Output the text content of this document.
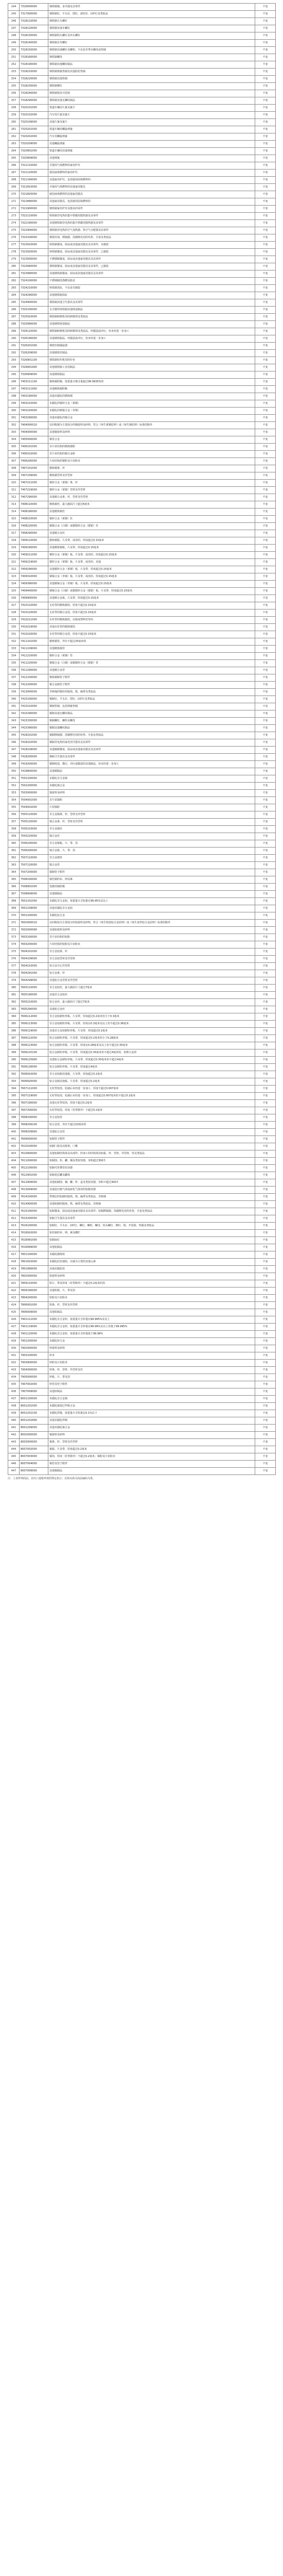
244	7316000000	钢铁制锚、多爪锚及其零件	不变
245	7317000000	钢铁制钉、平头钉、图钉、波纹钉、U形钉及类似品	不变
246	7318110000	钢铁制方头螺钉	不变
247	7318120000	钢铁制其他木螺钉	不变
248	7318130000	钢铁制钩头螺钉及环头螺钉	不变
249	7318140000	钢铁制自攻螺钉	不变
250	7318150000	钢铁制其他螺钉及螺栓，不论是否带有螺母或垫圈	不变
251	7318160000	钢铁制螺母	不变
252	7318190000	钢铁制其他螺纹制品	不变
253	7318210000	钢铁制弹簧垫圈及其他防松垫圈	不变
254	7318220000	钢铁制其他垫圈	不变
255	7318230000	钢铁制铆钉	不变
256	7318240000	钢铁制销及开尾销	不变
257	7318290000	钢铁制其他无螺纹制品	不变
258	7320101000	铁道车辆用片簧及簧片	不变
259	7320102000	汽车用片簧及簧片	不变
260	7320109000	其他片簧及簧片	不变
261	7320201000	铁道车辆用螺旋弹簧	不变
262	7320202000	汽车用螺旋弹簧	不变
263	7320209000	其他螺旋弹簧	不变
264	7320901000	铁道车辆用其他弹簧	不变
265	7320909000	其他弹簧	不变
266	7321110000	可使用气体燃料的家用炉灶	不变
267	7321120000	使用液体燃料的家用炉灶	不变
268	7321190000	其他家用炉灶，包括使用固体燃料的	不变
269	7321810000	可使用气体燃料的其他家用器具	不变
270	7321820000	使用液体燃料的其他家用器具	不变
271	7321890000	其他家用器具，包括使用固体燃料的	不变
272	7321900000	钢铁制家用炉灶及器具的零件	不变
273	7322110000	铸铁制非电热的集中供暖用散热器及其零件	不变
274	7322190000	其他钢铁制非电热的集中供暖用散热器及其零件	不变
275	7322900000	钢铁制非电热的空气加热器、热空气分配器及其零件	不变
276	7323100000	钢铁丝绒、擦锅器、洗刷擦光用的块垫、手套及类似品	不变
277	7323910000	铸铁制餐桌、厨房或其他家用器具及其零件，未搪瓷	不变
278	7323920000	铸铁制餐桌、厨房或其他家用器具及其零件，已搪瓷	不变
279	7323930000	不锈钢制餐桌、厨房或其他家用器具及其零件	不变
280	7323940000	钢铁制餐桌、厨房或其他家用器具及其零件，已搪瓷	不变
281	7323990000	其他钢铁制餐桌、厨房或其他家用器具及其零件	不变
282	7324100000	不锈钢制洗涤槽及脸盆	不变
283	7324210000	铸铁制浴缸，不论是否搪瓷	不变
284	7324290000	其他钢铁制浴缸	不变
285	7324900000	钢铁制其他卫生器具及其零件	不变
286	7325100000	无可锻性铸铁制其他铸造制品	不变
287	7325910000	钢铁制研磨机用的研磨球及类似品	不变
288	7325990000	其他钢铁铸造制品	不变
289	7326110000	钢铁制研磨机用的研磨球及类似品，经锻造或冲压，但未经进一步加工	不变
290	7326190000	其他钢铁制品，经锻造或冲压，但未经进一步加工	不变
291	7326201000	钢铁丝制捕鼠器	不变
292	7326209000	其他钢铁丝制品	不变
293	7326901100	钢铁制纺织机用的针布	不变
294	7326901900	其他钢铁制工业用制品	不变
295	7326909000	其他钢铁制品	不变
296	7403111100	精炼铜阴极，按重量计铜含量超过99.9935%的	不变
297	7403111900	其他精炼铜阴极	不变
298	7403190000	其他未锻轧的精炼铜	不变
299	7403210000	未锻轧的铜锌合金（黄铜）	不变
300	7403220000	未锻轧的铜锡合金（青铜）	不变
301	7403290000	其他未锻轧的铜合金	不变
302	7404000010	以回收铜为主要成分的铜废料及碎料，符合《再生黄铜原料》或《再生铜原料》标准的除外	不变
303	7404000090	其他铜废料及碎料	不变
304	7405000000	铜母合金	不变
305	7406101000	非片状结构的精炼铜粉	不变
306	7406102000	非片状结构的铜合金粉	不变
307	7406200000	片状结构的铜粉及片状粉末	不变
308	7407101000	精炼铜条、杆	不变
309	7407109000	精炼铜型材及异型材	不变
310	7407211000	铜锌合金（黄铜）条、杆	不变
311	7407219000	铜锌合金（黄铜）型材及异型材	不变
312	7407290000	其他铜合金条、杆、型材及异型材	不变
313	7408110000	精炼铜丝，最大截面尺寸超过6毫米	不变
314	7408190000	其他精炼铜丝	不变
315	7408210000	铜锌合金（黄铜）丝	不变
316	7408220000	铜镍合金（白铜）或铜镍锌合金（德银）丝	不变
317	7408290000	其他铜合金丝	不变
318	7409110000	精炼铜板、片及带，成卷的，厚度超过0.15毫米	不变
319	7409190000	其他精炼铜板、片及带，厚度超过0.15毫米	不变
320	7409211000	铜锌合金（黄铜）板、片及带，成卷的，厚度超过0.15毫米	不变
321	7409219000	铜锌合金（黄铜）板、片及带，成卷的，其他	不变
322	7409290000	其他铜锌合金（黄铜）板、片及带，厚度超过0.15毫米	不变
323	7409310000	铜锡合金（青铜）板、片及带，成卷的，厚度超过0.15毫米	不变
324	7409390000	其他铜锡合金（青铜）板、片及带，厚度超过0.15毫米	不变
325	7409400000	铜镍合金（白铜）或铜镍锌合金（德银）板、片及带，厚度超过0.15毫米	不变
326	7409900000	其他铜合金板、片及带，厚度超过0.15毫米	不变
327	7410110000	无衬背的精炼铜箔，厚度不超过0.15毫米	不变
328	7410120000	无衬背的铜合金箔，厚度不超过0.15毫米	不变
329	7410211000	有衬背的精炼铜箔，以纸或塑料衬背的	不变
330	7410219000	其他有衬背的精炼铜箔	不变
331	7410220000	有衬背的铜合金箔，厚度不超过0.15毫米	不变
332	7411101000	精炼铜管，外径不超过25毫米的	不变
333	7411109000	其他精炼铜管	不变
334	7411210000	铜锌合金（黄铜）管	不变
335	7411220000	铜镍合金（白铜）或铜镍锌合金（德银）管	不变
336	7411290000	其他铜合金管	不变
337	7412100000	精炼铜制管子附件	不变
338	7412200000	铜合金制管子附件	不变
339	7413000000	非绝缘的铜丝绞股线、缆、编带及类似品	不变
340	7415100000	铜制钉、平头钉、图钉、U形钉及类似品	不变
341	7415210000	铜制垫圈，包括弹簧垫圈	不变
342	7415290000	铜制其他无螺纹制品	不变
343	7415330000	铜制螺钉、螺栓及螺母	不变
344	7415390000	铜制其他螺纹制品	不变
345	7418101000	铜制擦锅器、洗刷擦光用的块垫、手套及类似品	不变
346	7418102000	铜制非电热的家用烹饪器具及其零件	不变
347	7418109000	其他铜制餐桌、厨房或其他家用器具及其零件	不变
348	7418200000	铜制卫生器具及其零件	不变
349	7419200000	铜制铸造、模压、冲压或锻造的其他制品，但未经进一步加工	不变
350	7419800000	其他铜制品	不变
351	7502100000	未锻轧非合金镍	不变
352	7502200000	未锻轧镍合金	不变
353	7503000000	镍废料及碎料	不变
354	7504001000	非片状镍粉	不变
355	7504002000	片状镍粉	不变
356	7505110000	非合金镍条、杆、型材及异型材	不变
357	7505120000	镍合金条、杆、型材及异型材	不变
358	7505210000	非合金镍丝	不变
359	7505220000	镍合金丝	不变
360	7506100000	非合金镍板、片、带、箔	不变
361	7506200000	镍合金板、片、带、箔	不变
362	7507110000	非合金镍管	不变
363	7507120000	镍合金管	不变
364	7507200000	镍制管子附件	不变
365	7508100000	镍丝制的布、网及篱	不变
366	7508901000	电镀用镍阳极	不变
367	7508909000	其他镍制品	不变
368	7601101000	未锻轧非合金铝，按重量计含铝量在99.95%及以上	不变
369	7601109000	其他未锻轧非合金铝	不变
370	7601200000	未锻轧铝合金	不变
371	7602000010	以回收铝为主要成分的铝废料及碎料，符合《再生铸造铝合金原料》或《再生变形铝合金原料》标准的除外	不变
372	7602000090	其他铝废料及碎料	不变
373	7603100000	非片状结构的铝粉	不变
374	7603200000	片状结构的铝粉及片状粉末	不变
375	7604101000	非合金铝条、杆	不变
376	7604109000	非合金铝型材及异型材	不变
377	7604210000	铝合金空心异型材	不变
378	7604291000	铝合金条、杆	不变
379	7604299000	其他铝合金型材及异型材	不变
380	7605110000	非合金铝丝，最大截面尺寸超过7毫米	不变
381	7605190000	其他非合金铝丝	不变
382	7605210000	铝合金丝，最大截面尺寸超过7毫米	不变
383	7605290000	其他铝合金丝	不变
384	7606112000	非合金铝制矩形板、片及带，厚度超过0.2毫米但小于0.3毫米	不变
385	7606113000	非合金铝制矩形板、片及带，厚度在0.3毫米及以上但不超过0.36毫米	不变
386	7606119000	其他非合金铝制矩形板、片及带，厚度超过0.2毫米	不变
387	7606122000	铝合金制矩形板、片及带，厚度超过0.2毫米但小于0.28毫米	不变
388	7606123000	铝合金制矩形板、片及带，厚度在0.28毫米及以上但不超过0.35毫米	不变
389	7606125100	铝合金制矩形板、片及带，厚度超过0.35毫米但不超过4毫米的，铝锂合金的	不变
390	7606125900	其他铝合金制矩形板、片及带，厚度超过0.35毫米但不超过4毫米	不变
391	7606126000	铝合金制矩形板、片及带，厚度超过4毫米	不变
392	7606910000	非合金铝制其他板、片及带，厚度超过0.2毫米	不变
393	7606920000	铝合金制其他板、片及带，厚度超过0.2毫米	不变
394	7607111000	无衬背铝箔，轧制后未经进一步加工，厚度不超过0.007毫米	不变
395	7607119000	无衬背铝箔，轧制后未经进一步加工，厚度超过0.007毫米但不超过0.2毫米	不变
396	7607190000	其他无衬背铝箔，厚度不超过0.2毫米	不变
397	7607200000	有衬背铝箔，厚度（衬背除外）不超过0.2毫米	不变
398	7608100000	非合金铝管	不变
399	7608209100	铝合金管，外径不超过10厘米的	不变
400	7608209900	其他铝合金管	不变
401	7609000000	铝制管子附件	不变
402	7610100000	铝制门窗及其框架、门槛	不变
403	7610900000	其他铝制结构体及其部件；经加工的结构体用铝板、杆、型材、异型材、管及类似品	不变
404	7611000000	铝制囤、柜、罐、桶及类似容器，容积超过300升	不变
405	7612100000	铝制可折叠管状容器	不变
406	7612901000	铝制易拉罐及罐体	不变
407	7612909000	其他铝制囤、桶、罐、听、盒及类似容器，容积不超过300升	不变
408	7613009000	其他装压缩气体或液化气体用的铝制容器	不变
409	7614100000	带钢芯的铝制绞股线、缆、编带及类似品，非绝缘	不变
410	7614900000	其他铝制绞股线、缆、编带及类似品，非绝缘	不变
411	7615100000	铝制餐桌、厨房或其他家用器具及其零件；铝制擦锅器、洗刷擦光用的块垫、手套及类似品	不变
412	7615200000	铝制卫生器具及其零件	不变
413	7616100000	铝制钉、平头钉、U形钉、螺钉、螺栓、螺母、钩头螺钉、铆钉、销、开尾销、垫圈及类似品	不变
414	7616910000	铝丝制的布、网、篱及栅栏	不变
415	7616991000	铝制扁钉	不变
416	7616999000	其他铝制品	不变
417	7801100000	未锻轧精炼铅	不变
418	7801910000	未锻轧的其他铅，以锑为主要的其他元素	不变
419	7801990000	其他未锻轧铅	不变
420	7802000000	铅废料及碎料	不变
421	7804110000	铅片、带及厚度（衬背除外）不超过0.2毫米的箔	不变
422	7804190000	其他铅板、片、带及箔	不变
423	7804200000	铅粉及片状粉末	不变
424	7806001000	铅条、杆、型材及异型材	不变
425	7806009000	其他铅制品	不变
426	7901111000	未锻轧非合金锌，按重量计含锌量在99.995%及以上	不变
427	7901119000	未锻轧非合金锌，按重量计含锌量在99.99%及以上但低于99.995%	不变
428	7901120000	未锻轧非合金锌，按重量计含锌量低于99.99%	不变
429	7901200000	未锻轧锌合金	不变
430	7902000000	锌废料及碎料	不变
431	7903100000	锌末	不变
432	7903900000	锌粉及片状粉末	不变
433	7904000000	锌条、杆、型材、异型材及丝	不变
434	7905000000	锌板、片、带及箔	不变
435	7907002000	锌管及管子附件	不变
436	7907009000	其他锌制品	不变
437	8001100000	未锻轧非合金锡	不变
438	8001201000	未锻轧锡基巴毕脱合金	不变
439	8001202100	未锻轧焊锡，按重量计含铅量在0.1%以下	不变
440	8001202900	其他未锻轧焊锡	不变
441	8001209000	其他未锻轧锡合金	不变
442	8002000000	锡废料及碎料	不变
443	8003000000	锡条、杆、型材及异型材	不变
444	8007002000	锡板、片及带，厚度超过0.2毫米	不变
445	8007003000	锡箔，厚度（衬背除外）不超过0.2毫米；锡粉及片状粉末	不变
446	8007004000	锡管及管子附件	不变
447	8007009000	其他锡制品	不变
注：上表所列商品，其出口退税率按照规定执行；具体以海关商品编码为准。
